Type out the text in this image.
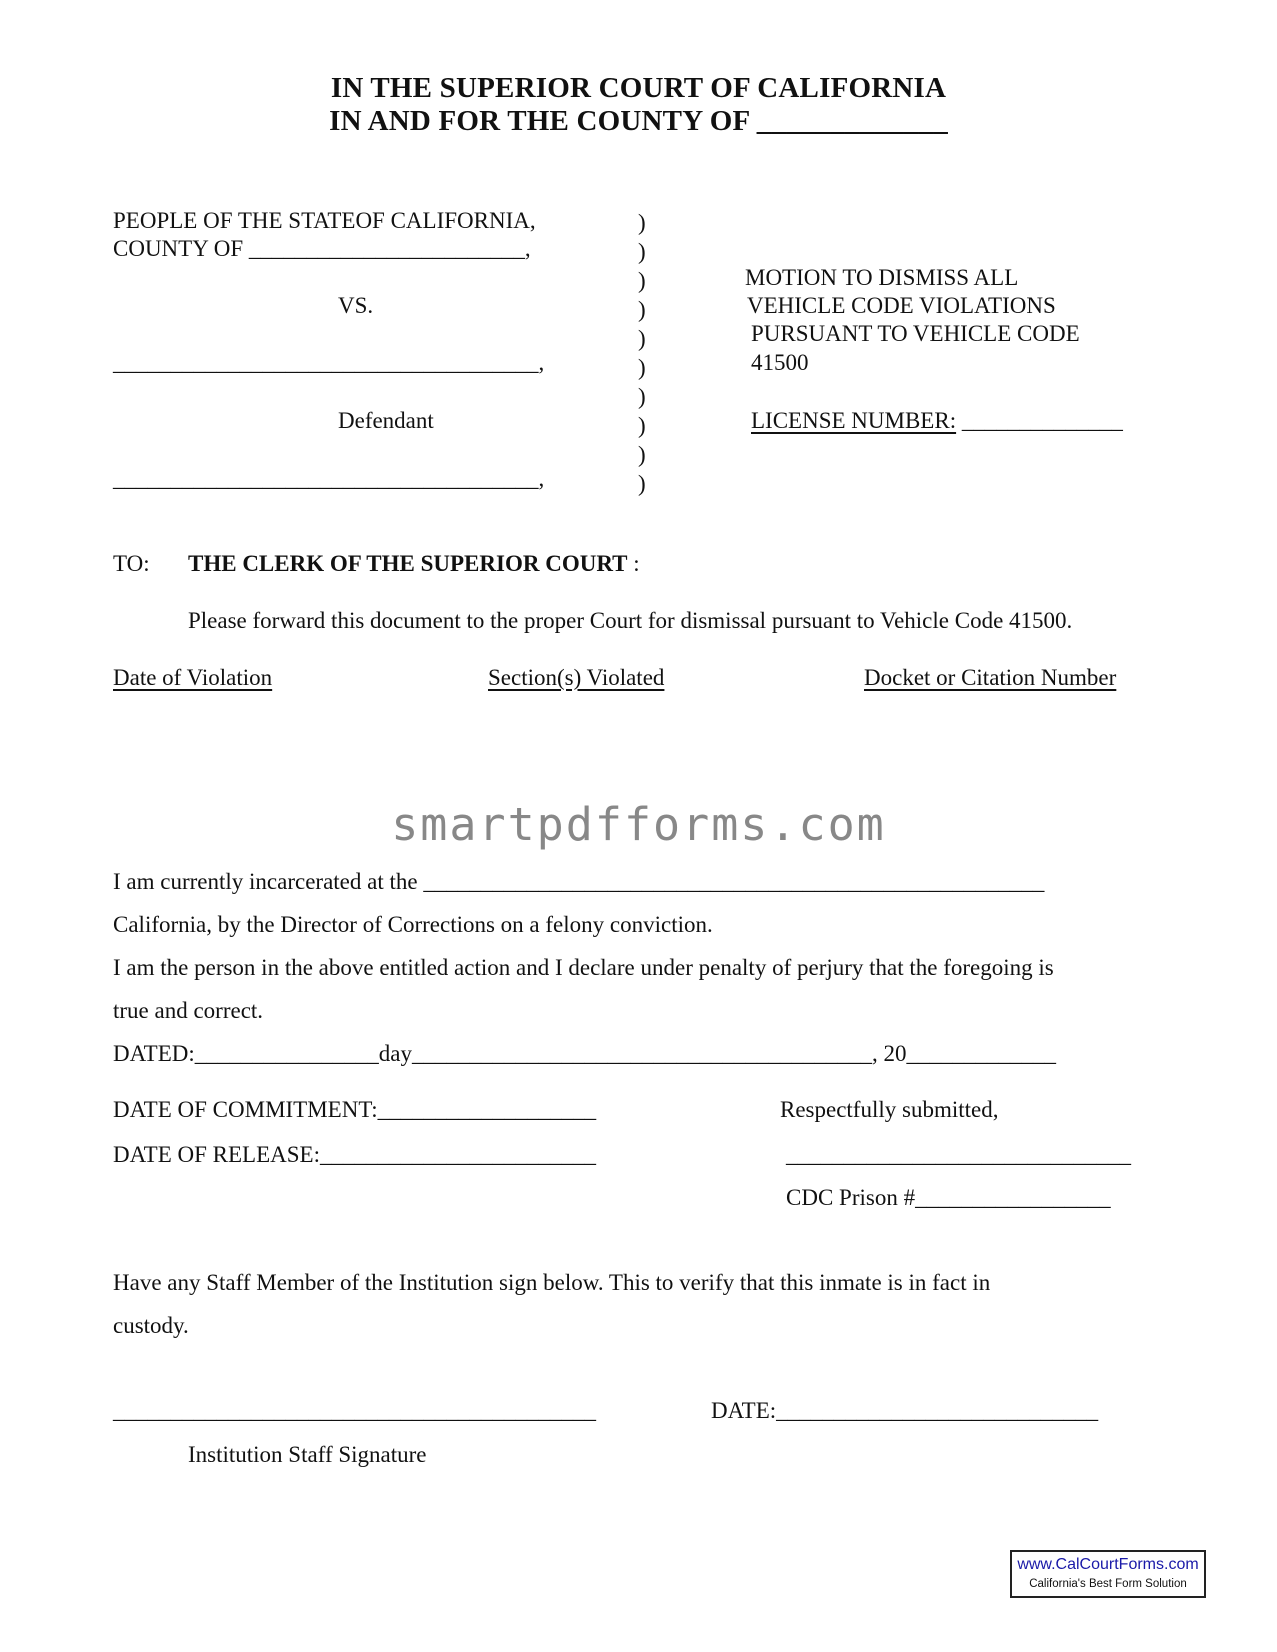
IN THE SUPERIOR COURT OF CALIFORNIA
IN AND FOR THE COUNTY OF _____________
PEOPLE OF THE STATEOF CALIFORNIA,
COUNTY OF ________________________,
VS.
_____________________________________,
Defendant
_____________________________________,
)
)
)
)
)
)
)
)
)
)
MOTION TO DISMISS ALL
VEHICLE CODE VIOLATIONS
PURSUANT TO VEHICLE CODE
41500
LICENSE NUMBER: ______________
TO: THE CLERK OF THE SUPERIOR COURT :
Please forward this document to the proper Court for dismissal pursuant to Vehicle Code 41500.
Date of Violation	Section(s) Violated	Docket or Citation Number
smartpdfforms.com
I am currently incarcerated at the ______________________________________________________
California, by the Director of Corrections on a felony conviction.
I am the person in the above entitled action and I declare under penalty of perjury that the foregoing is
true and correct.
DATED:________________day________________________________________, 20_____________
DATE OF COMMITMENT:___________________	Respectfully submitted,
DATE OF RELEASE:________________________	______________________________
CDC Prison #_________________
Have any Staff Member of the Institution sign below. This to verify that this inmate is in fact in
custody.
__________________________________________	DATE:____________________________
Institution Staff Signature
www.CalCourtForms.com
California's Best Form Solution
